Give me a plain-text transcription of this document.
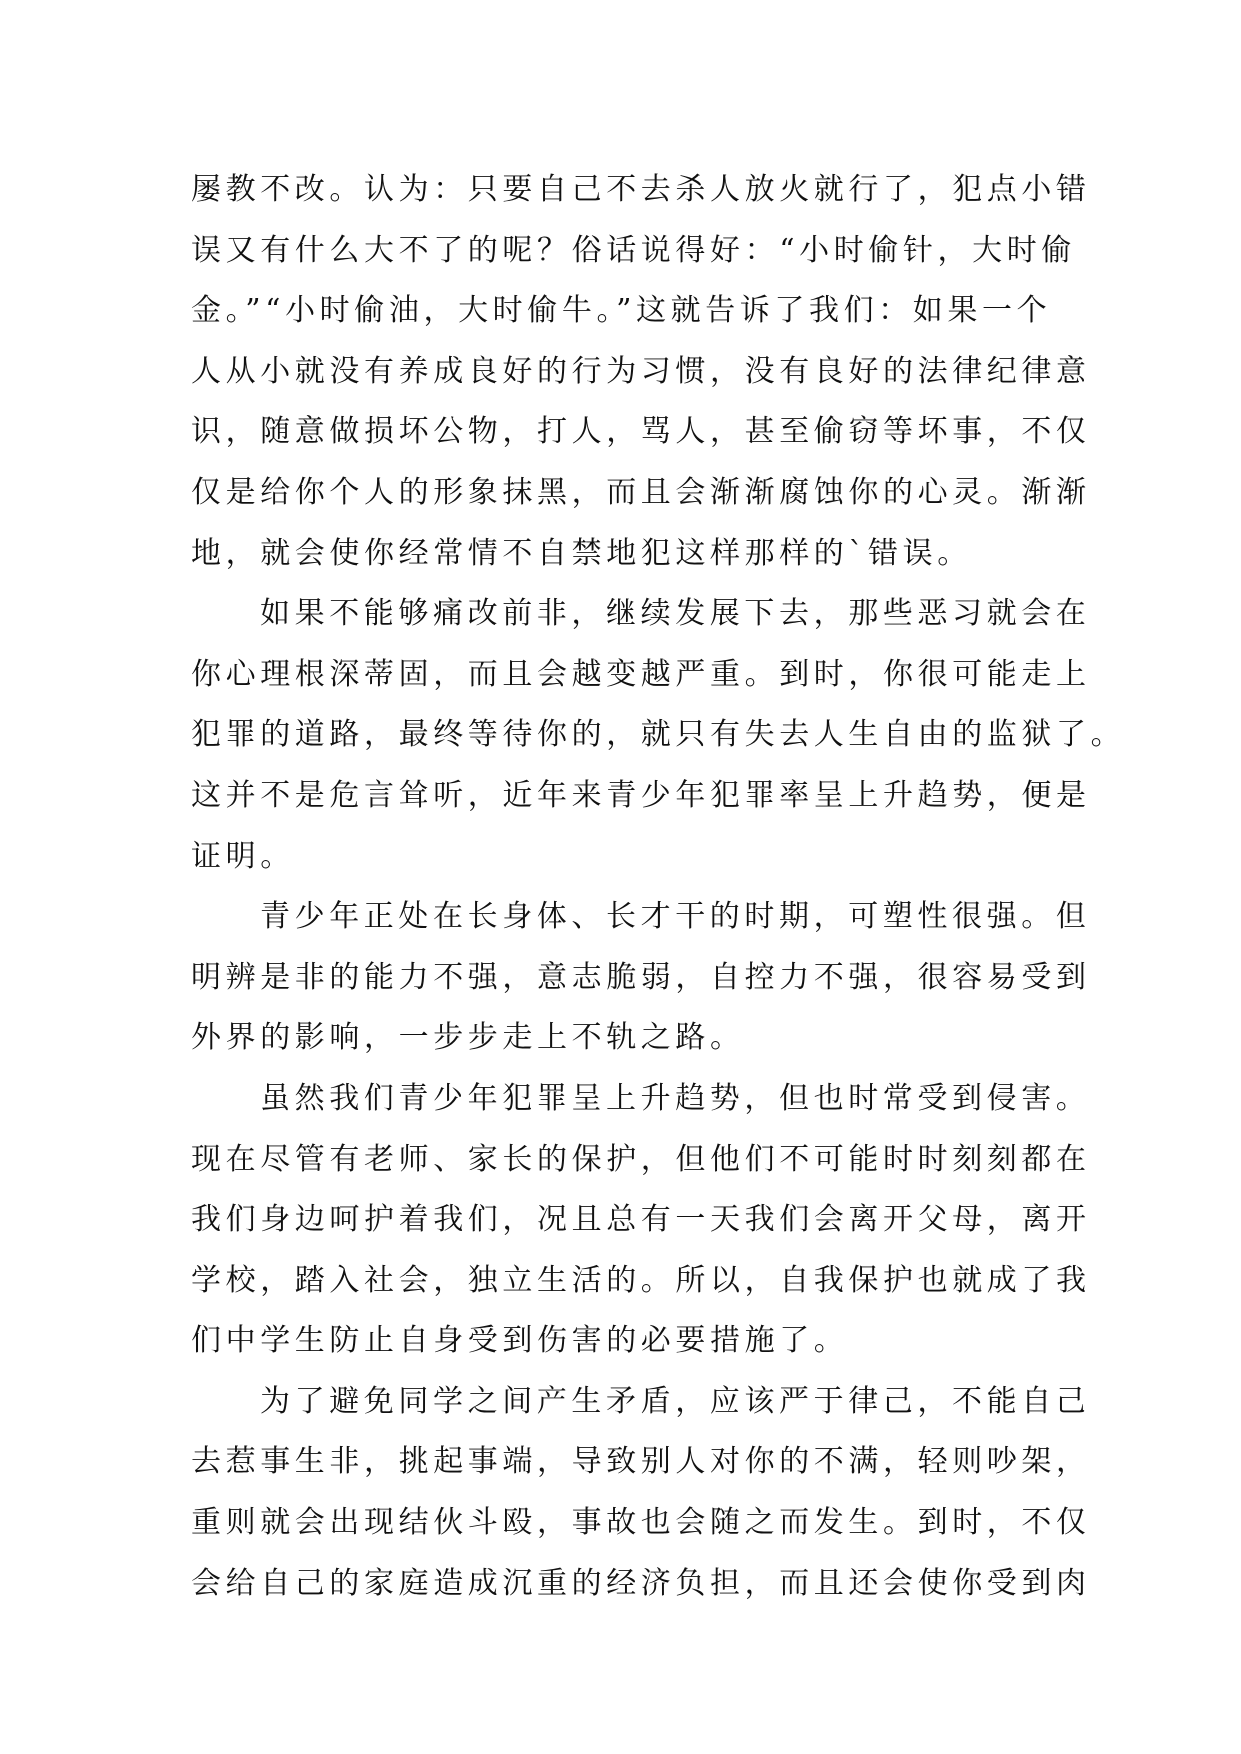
屡教不改。认为：只要自己不去杀人放火就行了，犯点小错
误又有什么大不了的呢？俗话说得好：“小时偷针，大时偷
金。”“小时偷油，大时偷牛。”这就告诉了我们：如果一个
人从小就没有养成良好的行为习惯，没有良好的法律纪律意
识，随意做损坏公物，打人，骂人，甚至偷窃等坏事，不仅
仅是给你个人的形象抹黑，而且会渐渐腐蚀你的心灵。渐渐
地，就会使你经常情不自禁地犯这样那样的`错误。
如果不能够痛改前非，继续发展下去，那些恶习就会在
你心理根深蒂固，而且会越变越严重。到时，你很可能走上
犯罪的道路，最终等待你的，就只有失去人生自由的监狱了。
这并不是危言耸听，近年来青少年犯罪率呈上升趋势，便是
证明。
青少年正处在长身体、长才干的时期，可塑性很强。但
明辨是非的能力不强，意志脆弱，自控力不强，很容易受到
外界的影响，一步步走上不轨之路。
虽然我们青少年犯罪呈上升趋势，但也时常受到侵害。
现在尽管有老师、家长的保护，但他们不可能时时刻刻都在
我们身边呵护着我们，况且总有一天我们会离开父母，离开
学校，踏入社会，独立生活的。所以，自我保护也就成了我
们中学生防止自身受到伤害的必要措施了。
为了避免同学之间产生矛盾，应该严于律己，不能自己
去惹事生非，挑起事端，导致别人对你的不满，轻则吵架，
重则就会出现结伙斗殴，事故也会随之而发生。到时，不仅
会给自己的家庭造成沉重的经济负担，而且还会使你受到肉
